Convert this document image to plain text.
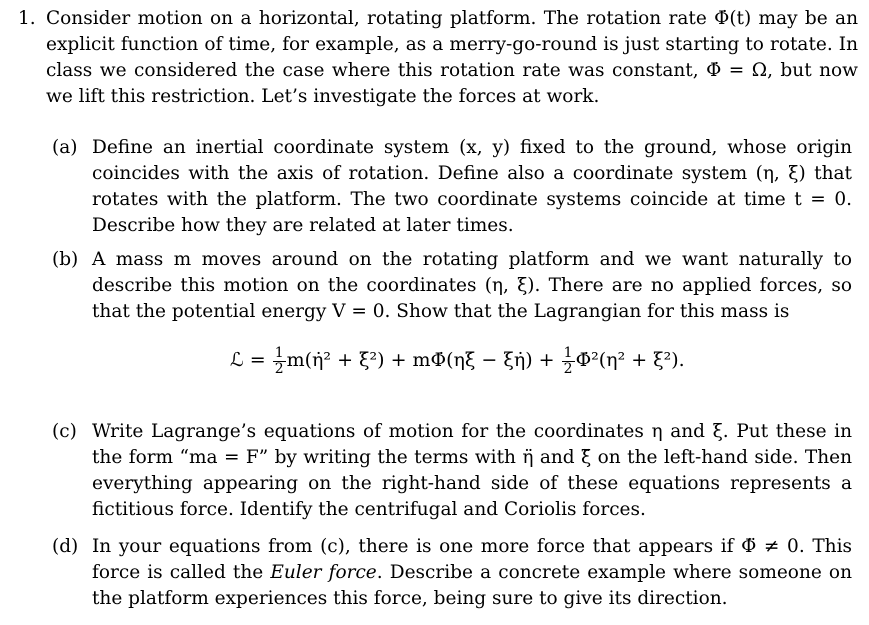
1. Consider motion on a horizontal, rotating platform. The rotation rate Φ̇(t) may be an explicit function of time, for example, as a merry-go-round is just starting to rotate. In class we considered the case where this rotation rate was constant, Φ̇ = Ω, but now we lift this restriction. Let’s investigate the forces at work.
(a) Define an inertial coordinate system (x, y) fixed to the ground, whose origin coincides with the axis of rotation. Define also a coordinate system (η, ξ) that rotates with the platform. The two coordinate systems coincide at time t = 0. Describe how they are related at later times.
(b) A mass m moves around on the rotating platform and we want naturally to describe this motion on the coordinates (η, ξ). There are no applied forces, so that the potential energy V = 0. Show that the Lagrangian for this mass is
ℒ = $\frac{1}{2}$ m(η̇² + ξ̇²) + mΦ̇(ηξ̇ − ξη̇) + $\frac{1}{2}$ Φ̇²(η² + ξ²).
(c) Write Lagrange’s equations of motion for the coordinates η and ξ. Put these in the form “ma = F” by writing the terms with η̈ and ξ̈ on the left-hand side. Then everything appearing on the right-hand side of these equations represents a fictitious force. Identify the centrifugal and Coriolis forces.
(d) In your equations from (c), there is one more force that appears if Φ̈ ≠ 0. This force is called the Euler force. Describe a concrete example where someone on the platform experiences this force, being sure to give its direction.
